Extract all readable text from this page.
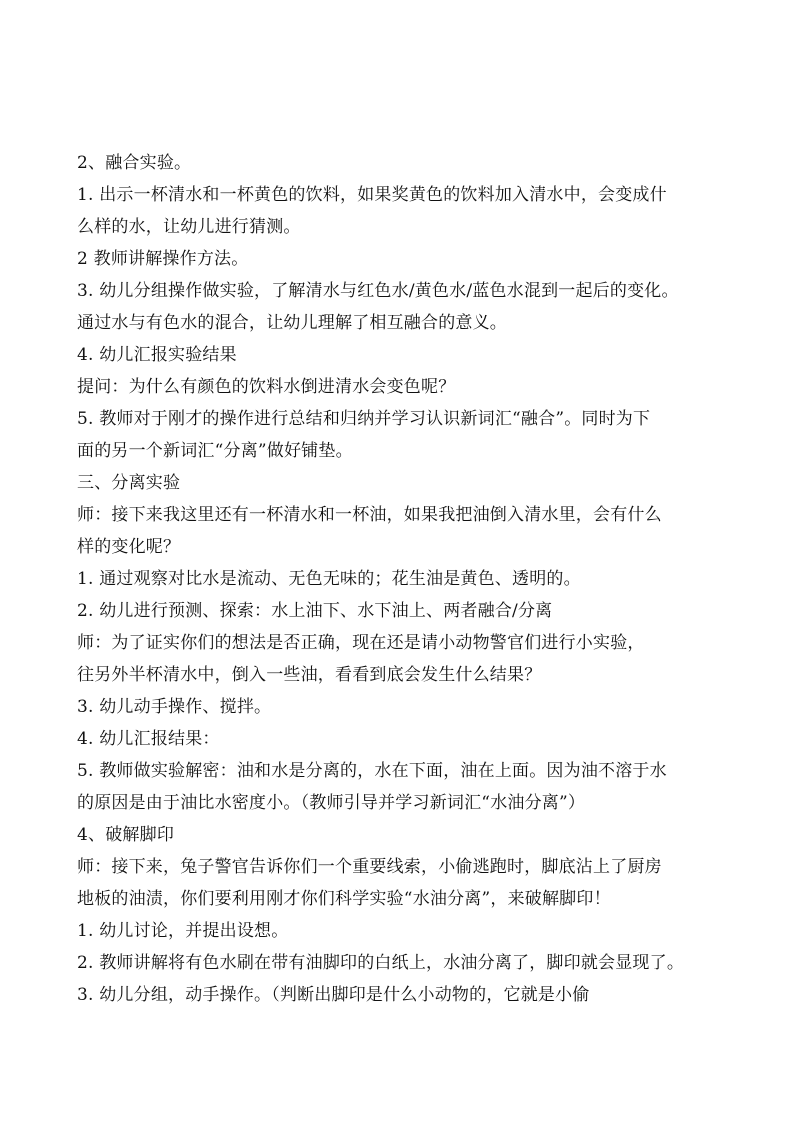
2、融合实验。
1. 出示一杯清水和一杯黄色的饮料，如果奖黄色的饮料加入清水中，会变成什
么样的水，让幼儿进行猜测。
2 教师讲解操作方法。
3. 幼儿分组操作做实验，了解清水与红色水/黄色水/蓝色水混到一起后的变化。
通过水与有色水的混合，让幼儿理解了相互融合的意义。
4. 幼儿汇报实验结果
提问：为什么有颜色的饮料水倒进清水会变色呢？
5. 教师对于刚才的操作进行总结和归纳并学习认识新词汇“融合”。同时为下
面的另一个新词汇“分离”做好铺垫。
三、分离实验
师：接下来我这里还有一杯清水和一杯油，如果我把油倒入清水里，会有什么
样的变化呢？
1. 通过观察对比水是流动、无色无味的；花生油是黄色、透明的。
2. 幼儿进行预测、探索：水上油下、水下油上、两者融合/分离
师：为了证实你们的想法是否正确，现在还是请小动物警官们进行小实验，
往另外半杯清水中，倒入一些油，看看到底会发生什么结果？
3. 幼儿动手操作、搅拌。
4. 幼儿汇报结果：
5. 教师做实验解密：油和水是分离的，水在下面，油在上面。因为油不溶于水
的原因是由于油比水密度小。（教师引导并学习新词汇“水油分离”）
4、破解脚印
师：接下来，兔子警官告诉你们一个重要线索，小偷逃跑时，脚底沾上了厨房
地板的油渍，你们要利用刚才你们科学实验“水油分离”，来破解脚印！
1. 幼儿讨论，并提出设想。
2. 教师讲解将有色水刷在带有油脚印的白纸上，水油分离了，脚印就会显现了。
3. 幼儿分组，动手操作。（判断出脚印是什么小动物的，它就是小偷
